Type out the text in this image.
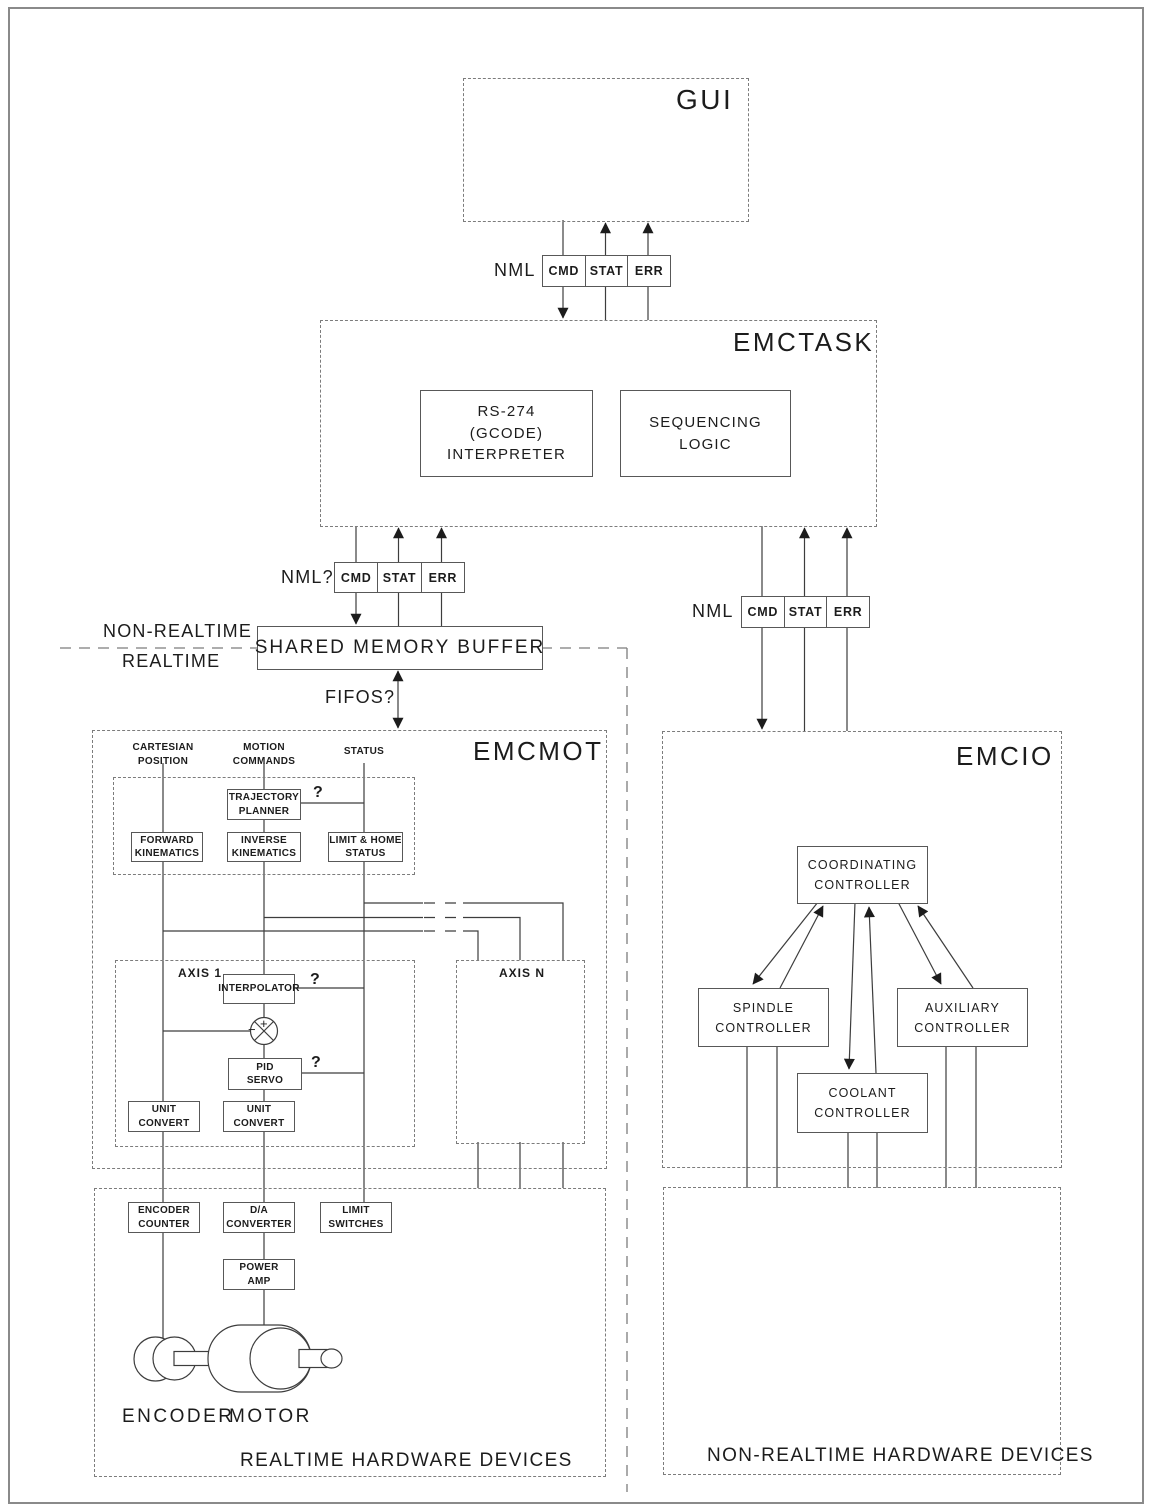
GUI
EMCTASK
EMCMOT	EMCIO
NML	CMD STAT ERR
NML? CMD STAT ERR
NML	CMD STAT ERR
RS-274
(GCODE)
INTERPRETER
SEQUENCING
LOGIC
SHARED MEMORY BUFFER
NON-REALTIME
REALTIME
FIFOS?
CARTESIAN
POSITION
MOTION
COMMANDS
STATUS
TRAJECTORY
PLANNER
FORWARD
KINEMATICS
INVERSE
KINEMATICS
LIMIT & HOME
STATUS
AXIS 1	AXIS N
INTERPOLATOR
PID
SERVO
UNIT
CONVERT
UNIT
CONVERT
?
?
?
+
−
COORDINATING
CONTROLLER
SPINDLE
CONTROLLER
AUXILIARY
CONTROLLER
COOLANT
CONTROLLER
ENCODER
COUNTER
D/A
CONVERTER
LIMIT
SWITCHES
POWER
AMP
ENCODER
MOTOR
REALTIME HARDWARE DEVICES	NON-REALTIME HARDWARE DEVICES
